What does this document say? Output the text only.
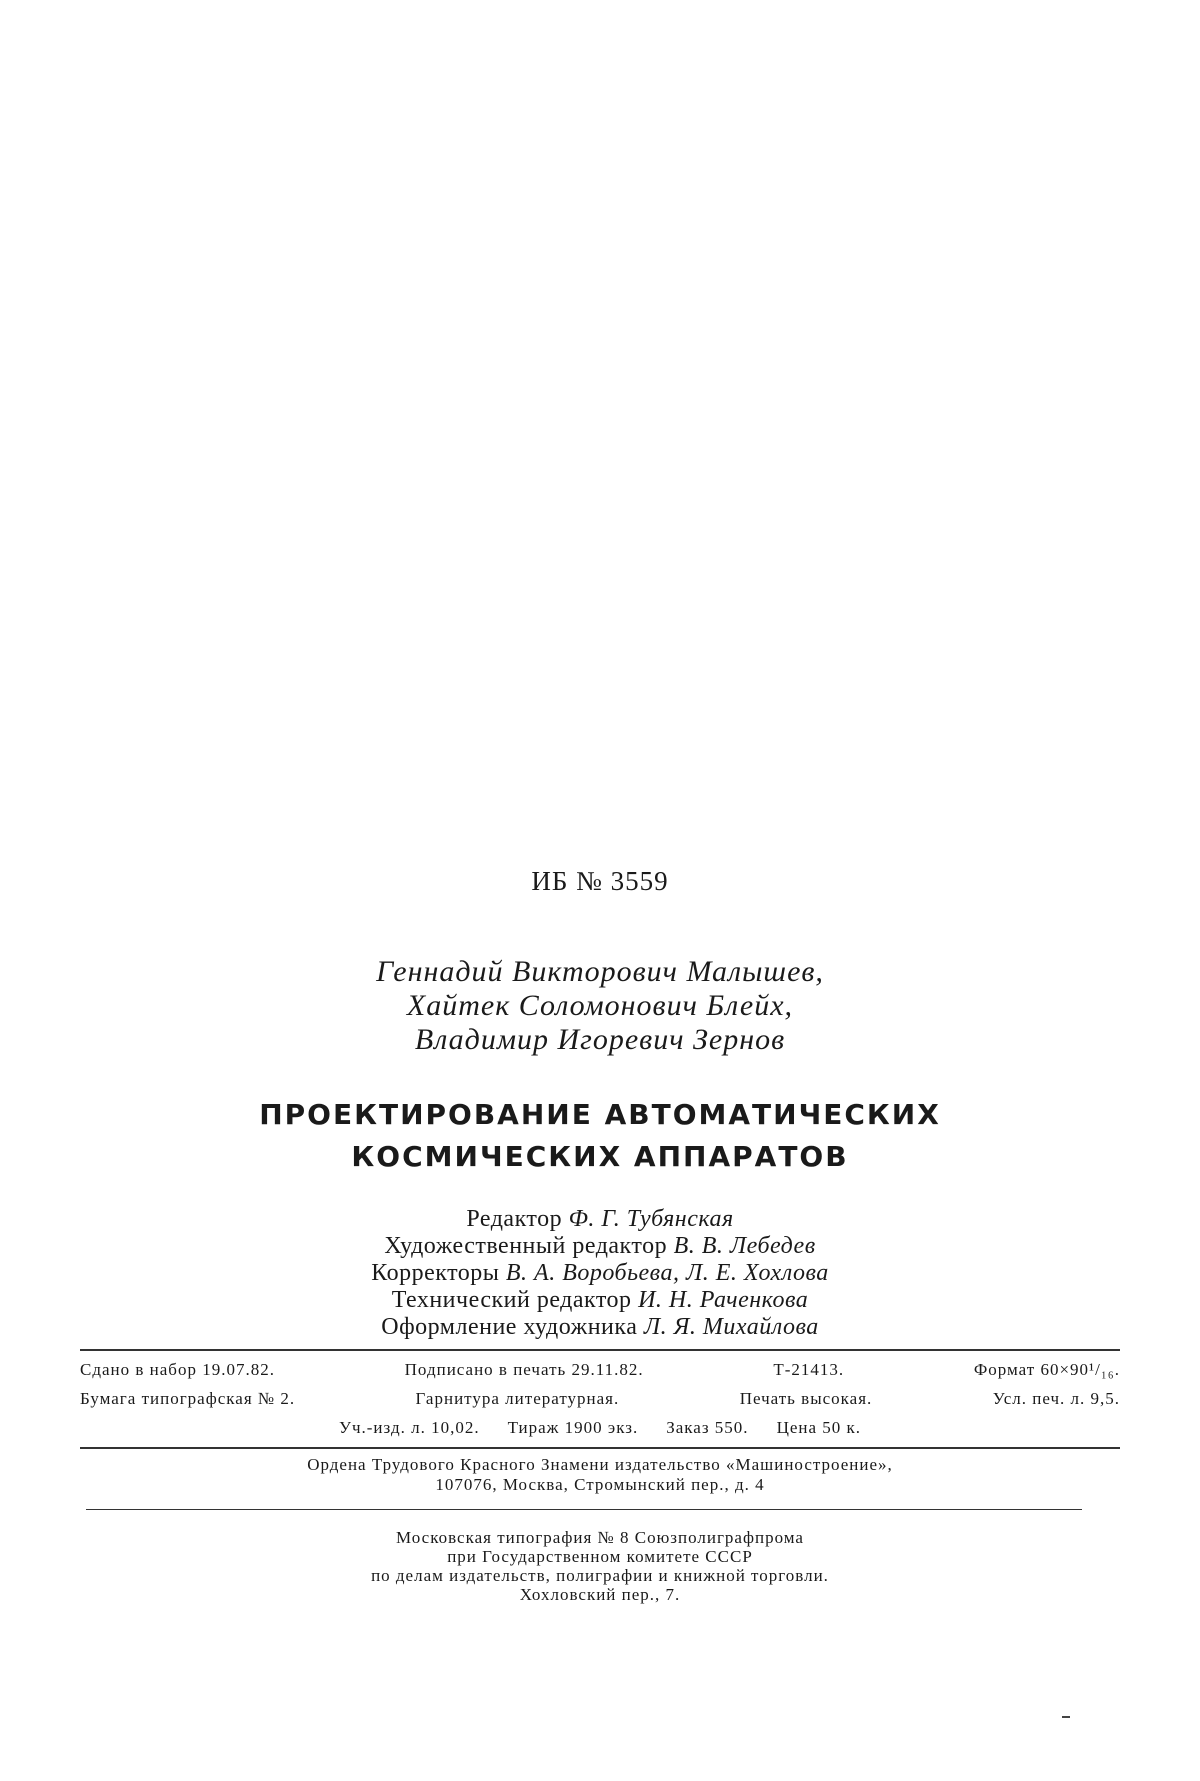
ИБ № 3559
Геннадий Викторович Малышев,
Хайтек Соломонович Блейх,
Владимир Игоревич Зернов
ПРОЕКТИРОВАНИЕ АВТОМАТИЧЕСКИХ
КОСМИЧЕСКИХ АППАРАТОВ
Редактор Ф. Г. Тубянская
Художественный редактор В. В. Лебедев
Корректоры В. А. Воробьева, Л. Е. Хохлова
Технический редактор И. Н. Раченкова
Оформление художника Л. Я. Михайлова
Сдано в набор 19.07.82.	Подписано в печать 29.11.82.	Т-21413.	Формат 60×90¹/₁₆.
Бумага типографская № 2.	Гарнитура литературная.	Печать высокая.	Усл. печ. л. 9,5.
Уч.-изд. л. 10,02. Тираж 1900 экз. Заказ 550. Цена 50 к.
Ордена Трудового Красного Знамени издательство «Машиностроение»,
107076, Москва, Стромынский пер., д. 4
Московская типография № 8 Союзполиграфпрома
при Государственном комитете СССР
по делам издательств, полиграфии и книжной торговли.
Хохловский пер., 7.
